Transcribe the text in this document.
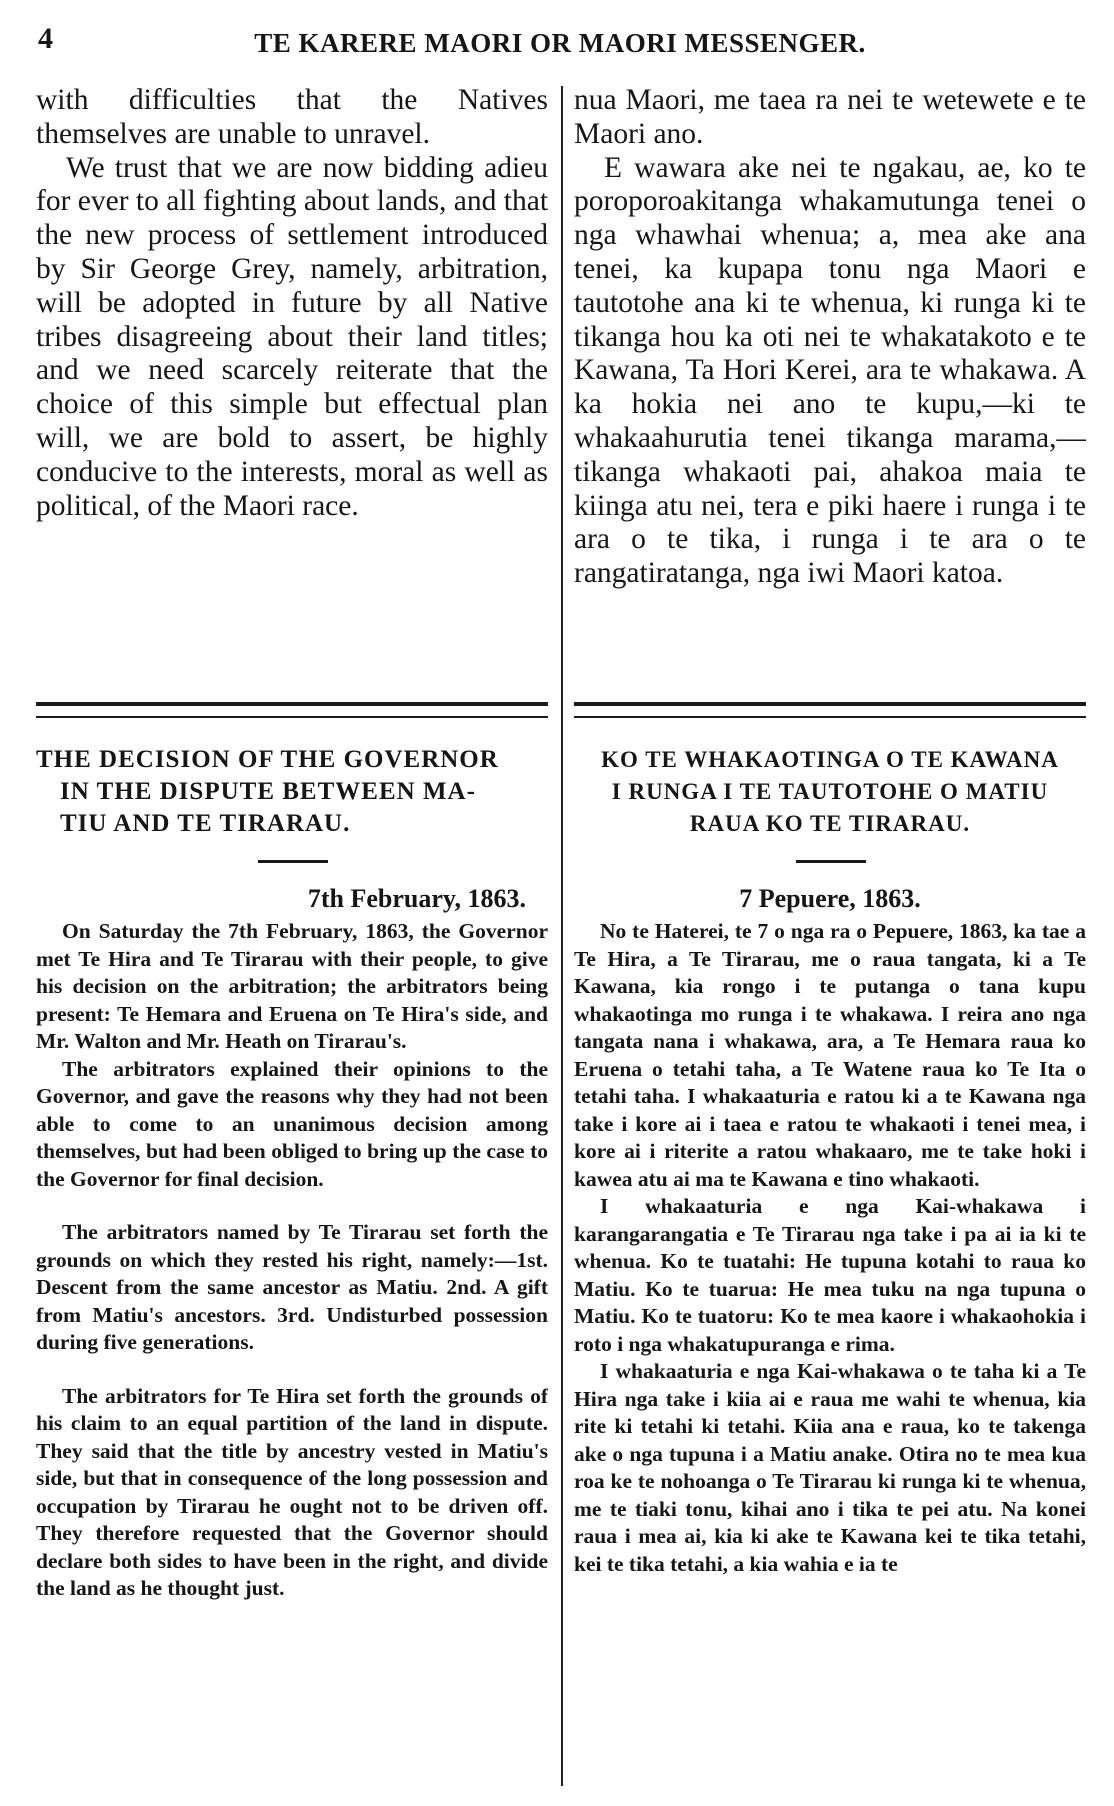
4	TE KARERE MAORI OR MAORI MESSENGER.

with difficulties that the Natives themselves are unable to unravel.

We trust that we are now bidding adieu for ever to all fighting about lands, and that the new process of settlement introduced by Sir George Grey, namely, arbitration, will be adopted in future by all Native tribes disagreeing about their land titles; and we need scarcely reiterate that the choice of this simple but effectual plan will, we are bold to assert, be highly conducive to the interests, moral as well as political, of the Maori race.

nua Maori, me taea ra nei te wetewete e te Maori ano.

E wawara ake nei te ngakau, ae, ko te poroporoakitanga whakamutunga tenei o nga whawhai whenua; a, mea ake ana tenei, ka kupapa tonu nga Maori e tautotohe ana ki te whenua, ki runga ki te tikanga hou ka oti nei te whakatakoto e te Kawana, Ta Hori Kerei, ara te whakawa. A ka hokia nei ano te kupu,—ki te whakaahurutia tenei tikanga marama,—tikanga whakaoti pai, ahakoa maia te kiinga atu nei, tera e piki haere i runga i te ara o te tika, i runga i te ara o te rangatiratanga, nga iwi Maori katoa.

THE DECISION OF THE GOVERNOR
IN THE DISPUTE BETWEEN MA-
TIU AND TE TIRARAU.
KO TE WHAKAOTINGA O TE KAWANA
I RUNGA I TE TAUTOTOHE O MATIU
RAUA KO TE TIRARAU.
7th February, 1863.	7 Pepuere, 1863.

On Saturday the 7th February, 1863, the Governor met Te Hira and Te Tirarau with their people, to give his decision on the arbitration; the arbitrators being present: Te Hemara and Eruena on Te Hira's side, and Mr. Walton and Mr. Heath on Tirarau's.

The arbitrators explained their opinions to the Governor, and gave the reasons why they had not been able to come to an unanimous decision among themselves, but had been obliged to bring up the case to the Governor for final decision.

The arbitrators named by Te Tirarau set forth the grounds on which they rested his right, namely:—1st. Descent from the same ancestor as Matiu. 2nd. A gift from Matiu's ancestors. 3rd. Undisturbed possession during five generations.

The arbitrators for Te Hira set forth the grounds of his claim to an equal partition of the land in dispute. They said that the title by ancestry vested in Matiu's side, but that in consequence of the long possession and occupation by Tirarau he ought not to be driven off. They therefore requested that the Governor should declare both sides to have been in the right, and divide the land as he thought just.

No te Haterei, te 7 o nga ra o Pepuere, 1863, ka tae a Te Hira, a Te Tirarau, me o raua tangata, ki a Te Kawana, kia rongo i te putanga o tana kupu whakaotinga mo runga i te whakawa. I reira ano nga tangata nana i whakawa, ara, a Te Hemara raua ko Eruena o tetahi taha, a Te Watene raua ko Te Ita o tetahi taha. I whakaaturia e ratou ki a te Kawana nga take i kore ai i taea e ratou te whakaoti i tenei mea, i kore ai i riterite a ratou whakaaro, me te take hoki i kawea atu ai ma te Kawana e tino whakaoti.

I whakaaturia e nga Kai-whakawa i karangarangatia e Te Tirarau nga take i pa ai ia ki te whenua. Ko te tuatahi: He tupuna kotahi to raua ko Matiu. Ko te tuarua: He mea tuku na nga tupuna o Matiu. Ko te tuatoru: Ko te mea kaore i whakaohokia i roto i nga whakatupuranga e rima.

I whakaaturia e nga Kai-whakawa o te taha ki a Te Hira nga take i kiia ai e raua me wahi te whenua, kia rite ki tetahi ki tetahi. Kiia ana e raua, ko te takenga ake o nga tupuna i a Matiu anake. Otira no te mea kua roa ke te nohoanga o Te Tirarau ki runga ki te whenua, me te tiaki tonu, kihai ano i tika te pei atu. Na konei raua i mea ai, kia ki ake te Kawana kei te tika tetahi, kei te tika tetahi, a kia wahia e ia te
